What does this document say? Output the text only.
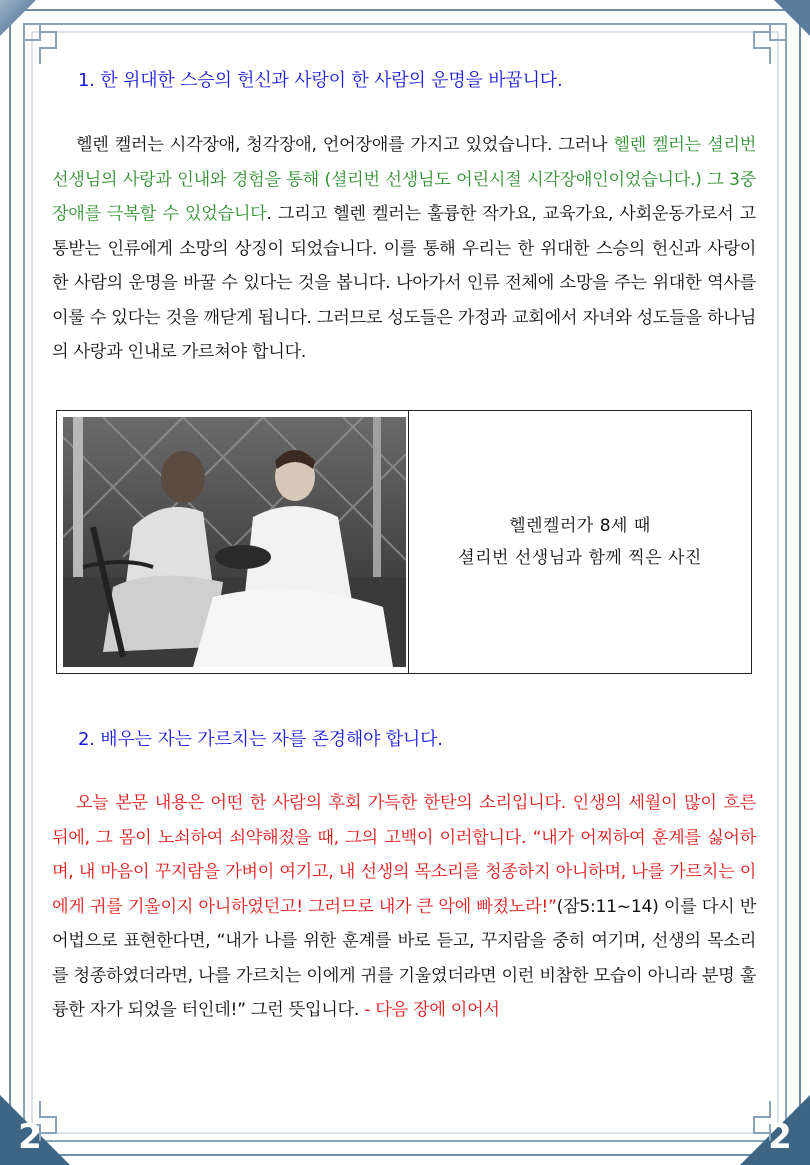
2	2
1. 한 위대한 스승의 헌신과 사랑이 한 사람의 운명을 바꿉니다.

헬렌 켈러는 시각장애, 청각장애, 언어장애를 가지고 있었습니다. 그러나 헬렌 켈러는 셜리번 선생님의 사랑과 인내와 경험을 통해 (셜리번 선생님도 어린시절 시각장애인이었습니다.) 그 3중 장애를 극복할 수 있었습니다. 그리고 헬렌 켈러는 훌륭한 작가요, 교육가요, 사회운동가로서 고통받는 인류에게 소망의 상징이 되었습니다. 이를 통해 우리는 한 위대한 스승의 헌신과 사랑이 한 사람의 운명을 바꿀 수 있다는 것을 봅니다. 나아가서 인류 전체에 소망을 주는 위대한 역사를 이룰 수 있다는 것을 깨닫게 됩니다. 그러므로 성도들은 가정과 교회에서 자녀와 성도들을 하나님의 사랑과 인내로 가르쳐야 합니다.

헬렌켈러가 8세 때
셜리번 선생님과 함께 찍은 사진
2. 배우는 자는 가르치는 자를 존경해야 합니다.

오늘 본문 내용은 어떤 한 사람의 후회 가득한 한탄의 소리입니다. 인생의 세월이 많이 흐른 뒤에, 그 몸이 노쇠하여 쇠약해졌을 때, 그의 고백이 이러합니다. “내가 어찌하여 훈계를 싫어하며, 내 마음이 꾸지람을 가벼이 여기고, 내 선생의 목소리를 청종하지 아니하며, 나를 가르치는 이에게 귀를 기울이지 아니하였던고! 그러므로 내가 큰 악에 빠졌노라!”(잠5:11~14) 이를 다시 반어법으로 표현한다면, “내가 나를 위한 훈계를 바로 듣고, 꾸지람을 중히 여기며, 선생의 목소리를 청종하였더라면, 나를 가르치는 이에게 귀를 기울였더라면 이런 비참한 모습이 아니라 분명 훌륭한 자가 되었을 터인데!” 그런 뜻입니다. - 다음 장에 이어서
